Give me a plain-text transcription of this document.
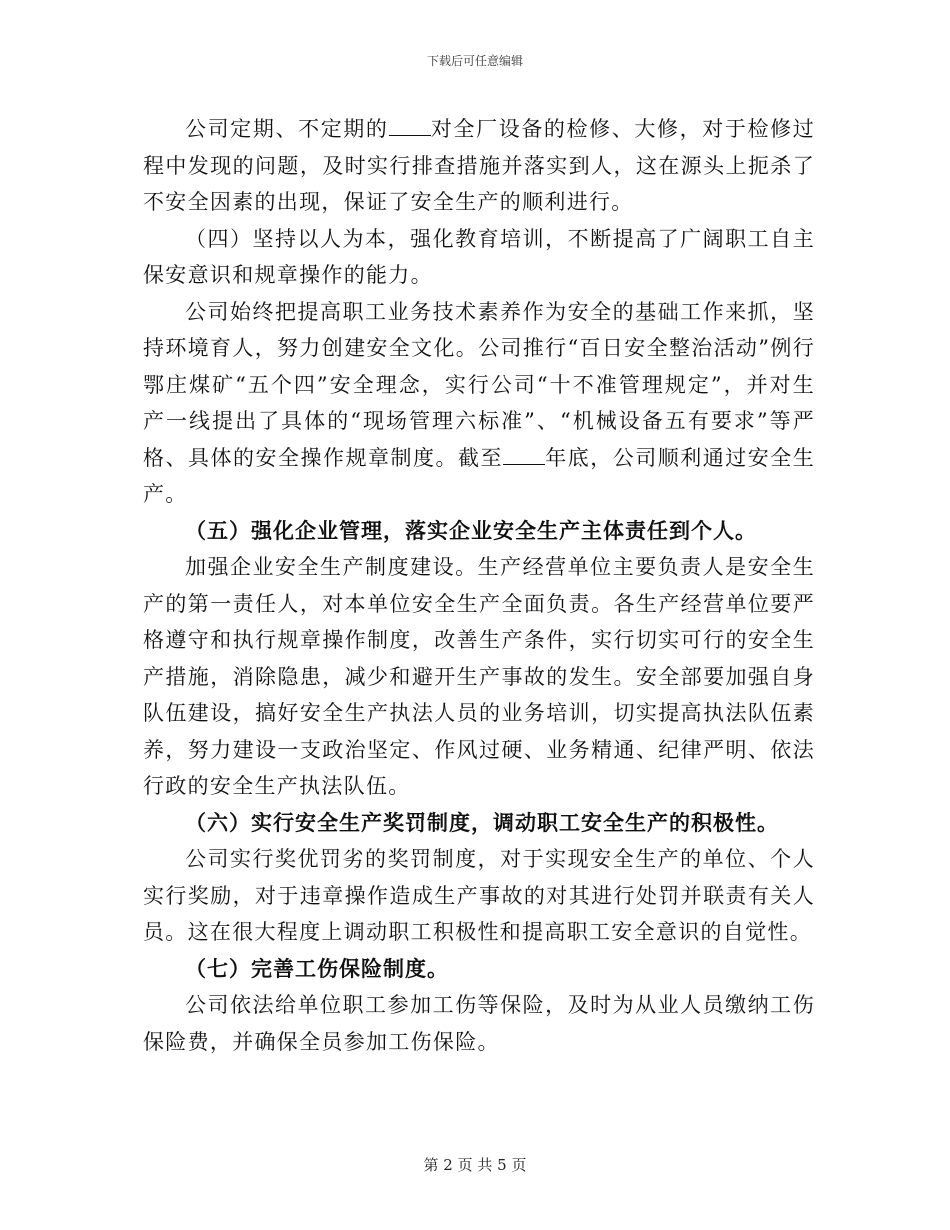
下载后可任意编辑

公司定期、不定期的 对全厂设备的检修、大修，对于检修过程中发现的问题，及时实行排查措施并落实到人，这在源头上扼杀了不安全因素的出现，保证了安全生产的顺利进行。

（四）坚持以人为本，强化教育培训，不断提高了广阔职工自主保安意识和规章操作的能力。

公司始终把提高职工业务技术素养作为安全的基础工作来抓，坚持环境育人，努力创建安全文化。公司推行“百日安全整治活动”例行鄂庄煤矿“五个四”安全理念，实行公司“十不准管理规定”，并对生产一线提出了具体的“现场管理六标准”、“机械设备五有要求”等严格、具体的安全操作规章制度。截至 年底，公司顺利通过安全生产。

（五）强化企业管理，落实企业安全生产主体责任到个人。

加强企业安全生产制度建设。生产经营单位主要负责人是安全生产的第一责任人，对本单位安全生产全面负责。各生产经营单位要严格遵守和执行规章操作制度，改善生产条件，实行切实可行的安全生产措施，消除隐患，减少和避开生产事故的发生。安全部要加强自身队伍建设，搞好安全生产执法人员的业务培训，切实提高执法队伍素养，努力建设一支政治坚定、作风过硬、业务精通、纪律严明、依法行政的安全生产执法队伍。

（六）实行安全生产奖罚制度，调动职工安全生产的积极性。

公司实行奖优罚劣的奖罚制度，对于实现安全生产的单位、个人实行奖励，对于违章操作造成生产事故的对其进行处罚并联责有关人员。这在很大程度上调动职工积极性和提高职工安全意识的自觉性。

（七）完善工伤保险制度。

公司依法给单位职工参加工伤等保险，及时为从业人员缴纳工伤保险费，并确保全员参加工伤保险。

第 2 页 共 5 页
